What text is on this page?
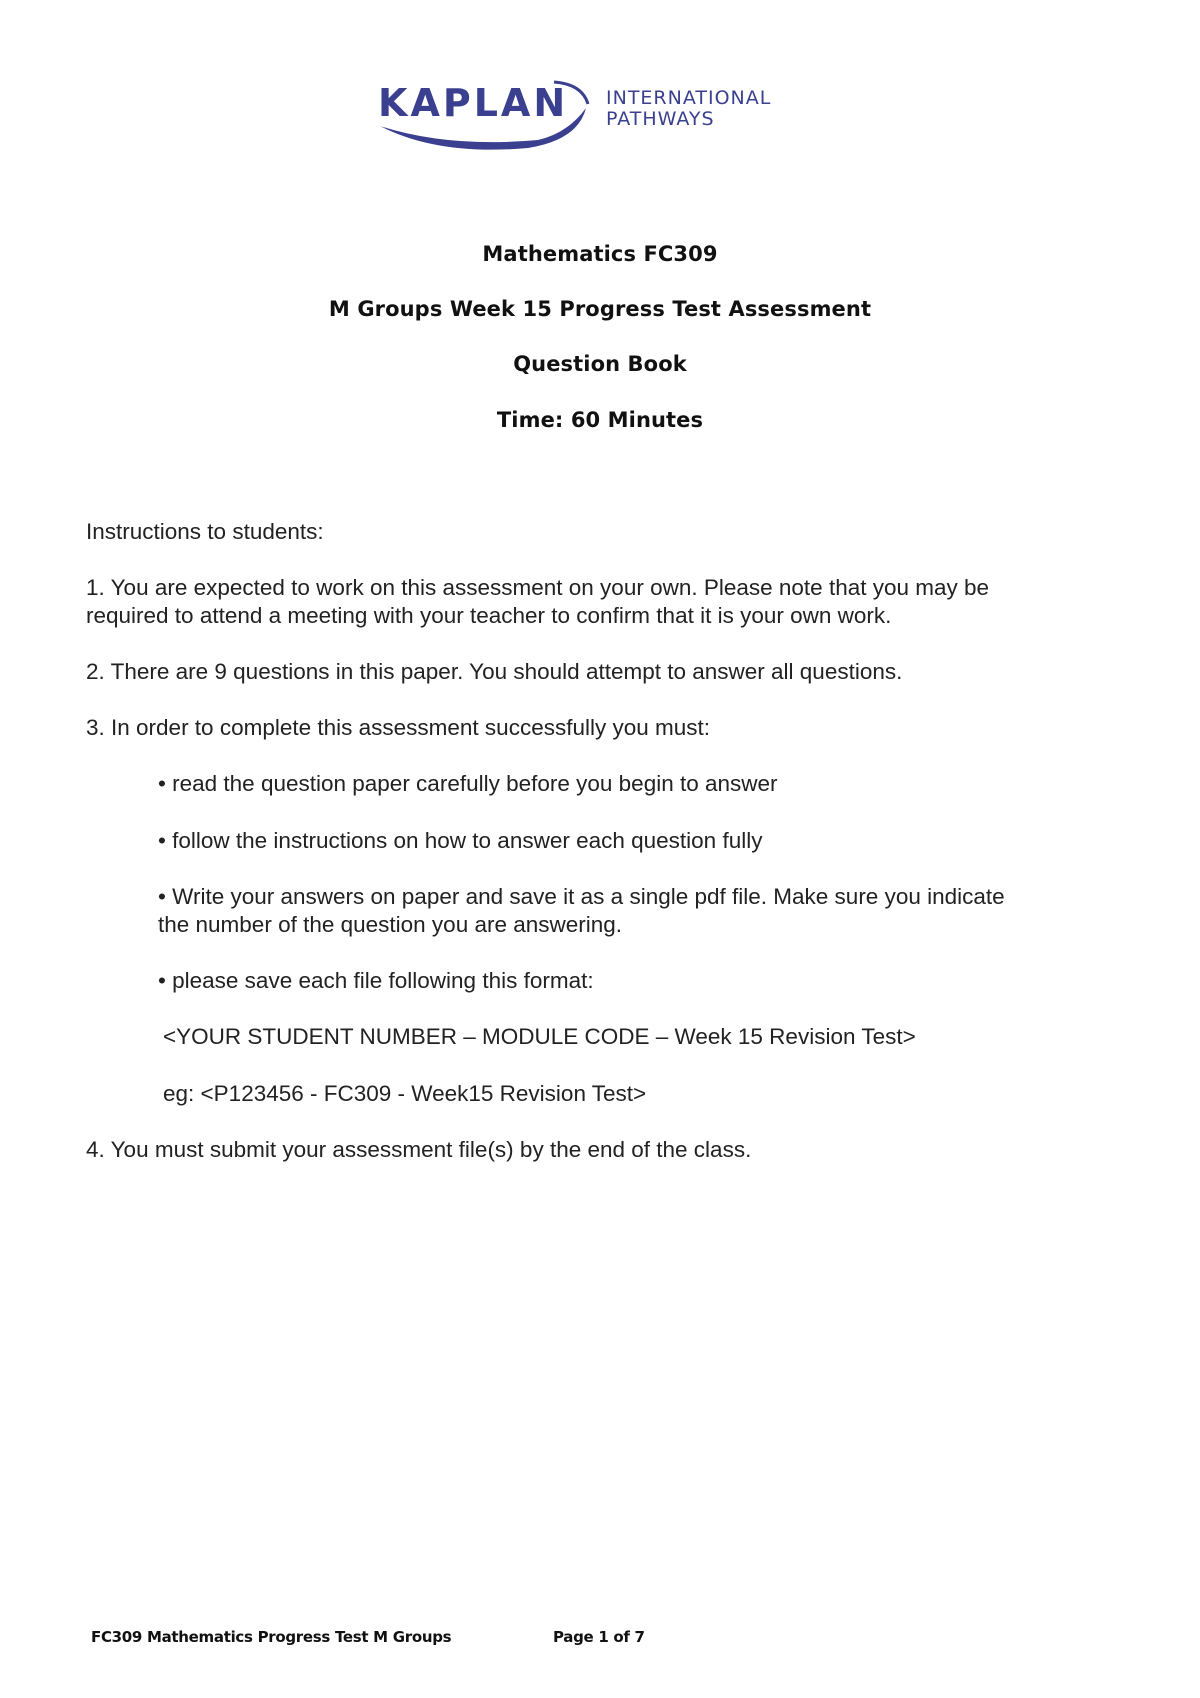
KAPLAN INTERNATIONAL
PATHWAYS
Mathematics FC309
M Groups Week 15 Progress Test Assessment
Question Book
Time: 60 Minutes
Instructions to students:
1. You are expected to work on this assessment on your own. Please note that you may be
required to attend a meeting with your teacher to confirm that it is your own work.
2. There are 9 questions in this paper. You should attempt to answer all questions.
3. In order to complete this assessment successfully you must:
• read the question paper carefully before you begin to answer
• follow the instructions on how to answer each question fully
• Write your answers on paper and save it as a single pdf file. Make sure you indicate
the number of the question you are answering.
• please save each file following this format:
<YOUR STUDENT NUMBER – MODULE CODE – Week 15 Revision Test>
eg: <P123456 - FC309 - Week15 Revision Test>
4. You must submit your assessment file(s) by the end of the class.
FC309 Mathematics Progress Test M Groups	Page 1 of 7
